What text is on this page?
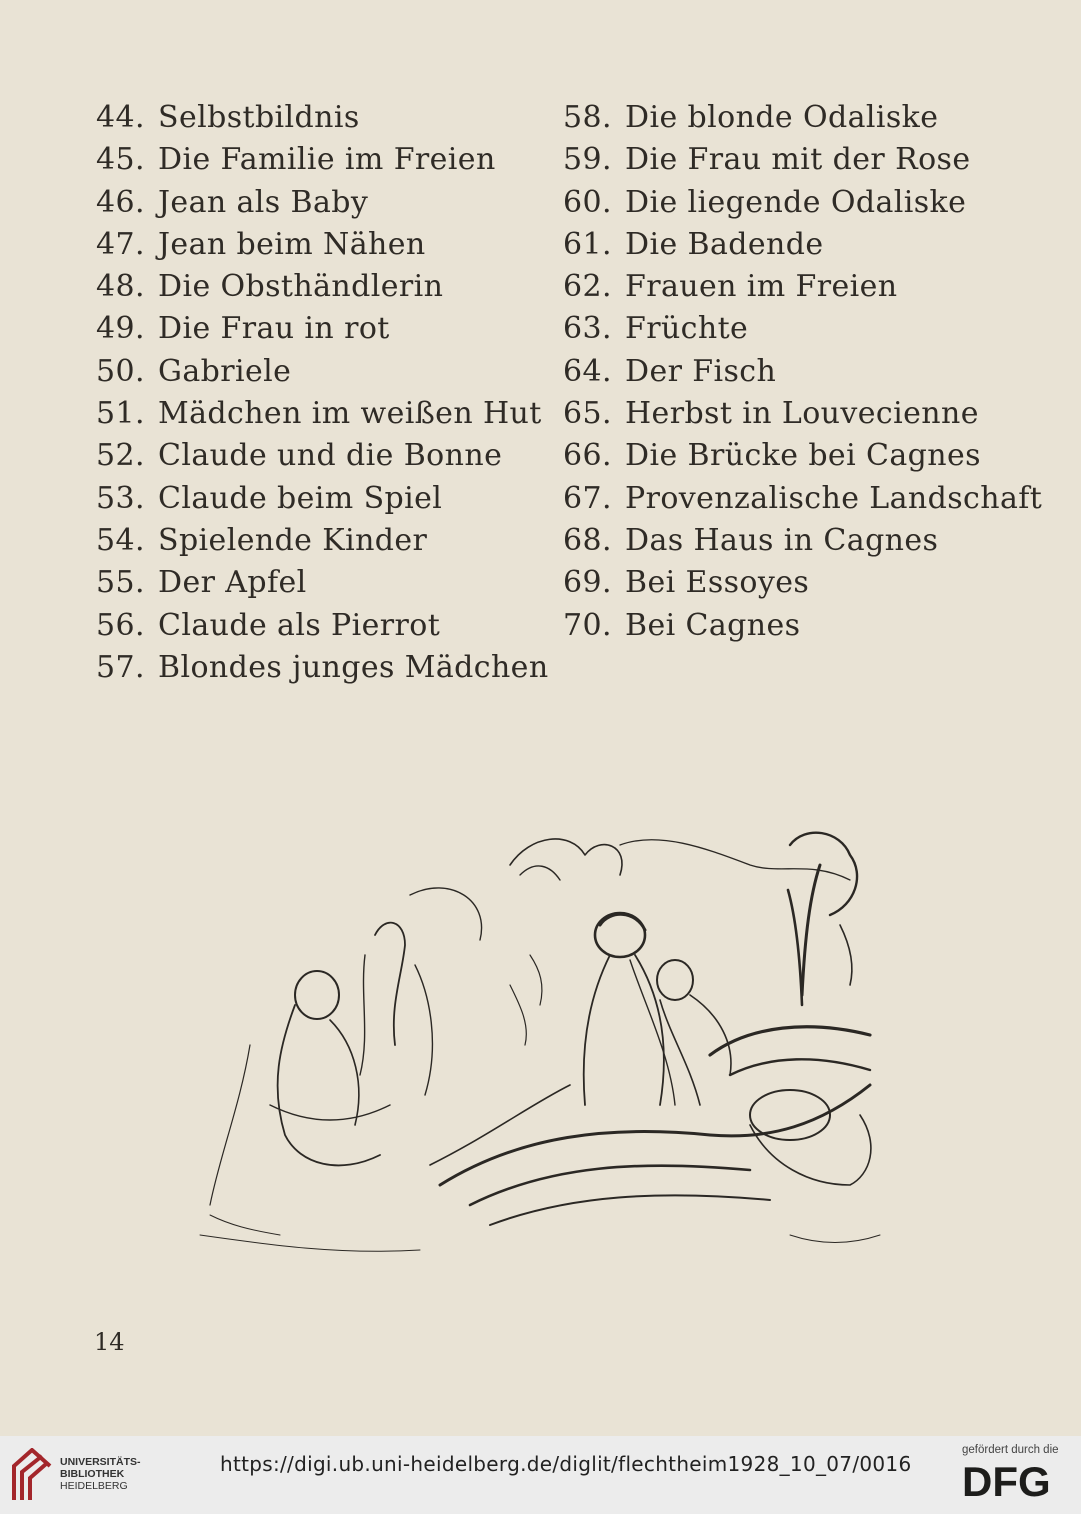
44. Selbstbildnis
45. Die Familie im Freien
46. Jean als Baby
47. Jean beim Nähen
48. Die Obsthändlerin
49. Die Frau in rot
50. Gabriele
51. Mädchen im weißen Hut
52. Claude und die Bonne
53. Claude beim Spiel
54. Spielende Kinder
55. Der Apfel
56. Claude als Pierrot
57. Blondes junges Mädchen
58. Die blonde Odaliske
59. Die Frau mit der Rose
60. Die liegende Odaliske
61. Die Badende
62. Frauen im Freien
63. Früchte
64. Der Fisch
65. Herbst in Louvecienne
66. Die Brücke bei Cagnes
67. Provenzalische Landschaft
68. Das Haus in Cagnes
69. Bei Essoyes
70. Bei Cagnes
14
UNIVERSITÄTS-
BIBLIOTHEK
HEIDELBERG
https://digi.ub.uni-heidelberg.de/diglit/flechtheim1928_10_07/0016
gefördert durch die
DFG
